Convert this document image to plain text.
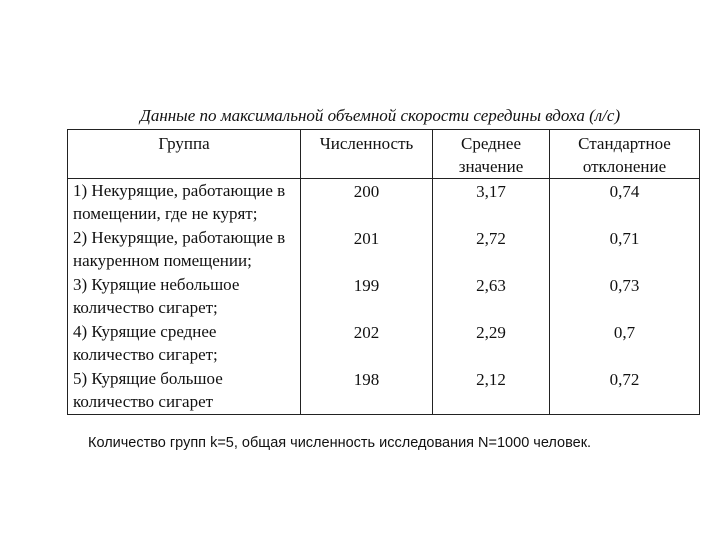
Данные по максимальной объемной скорости середины вдоха (л/с)
Группа	Численность	Среднее значение	Стандартное отклонение
1) Некурящие, работающие в помещении, где не курят;	200	3,17	0,74
2) Некурящие, работающие в накуренном помещении;	201	2,72	0,71
3) Курящие небольшое количество сигарет;	199	2,63	0,73
4) Курящие среднее количество сигарет;	202	2,29	0,7
5) Курящие большое количество сигарет	198	2,12	0,72
Количество групп k=5, общая численность исследования N=1000 человек.
